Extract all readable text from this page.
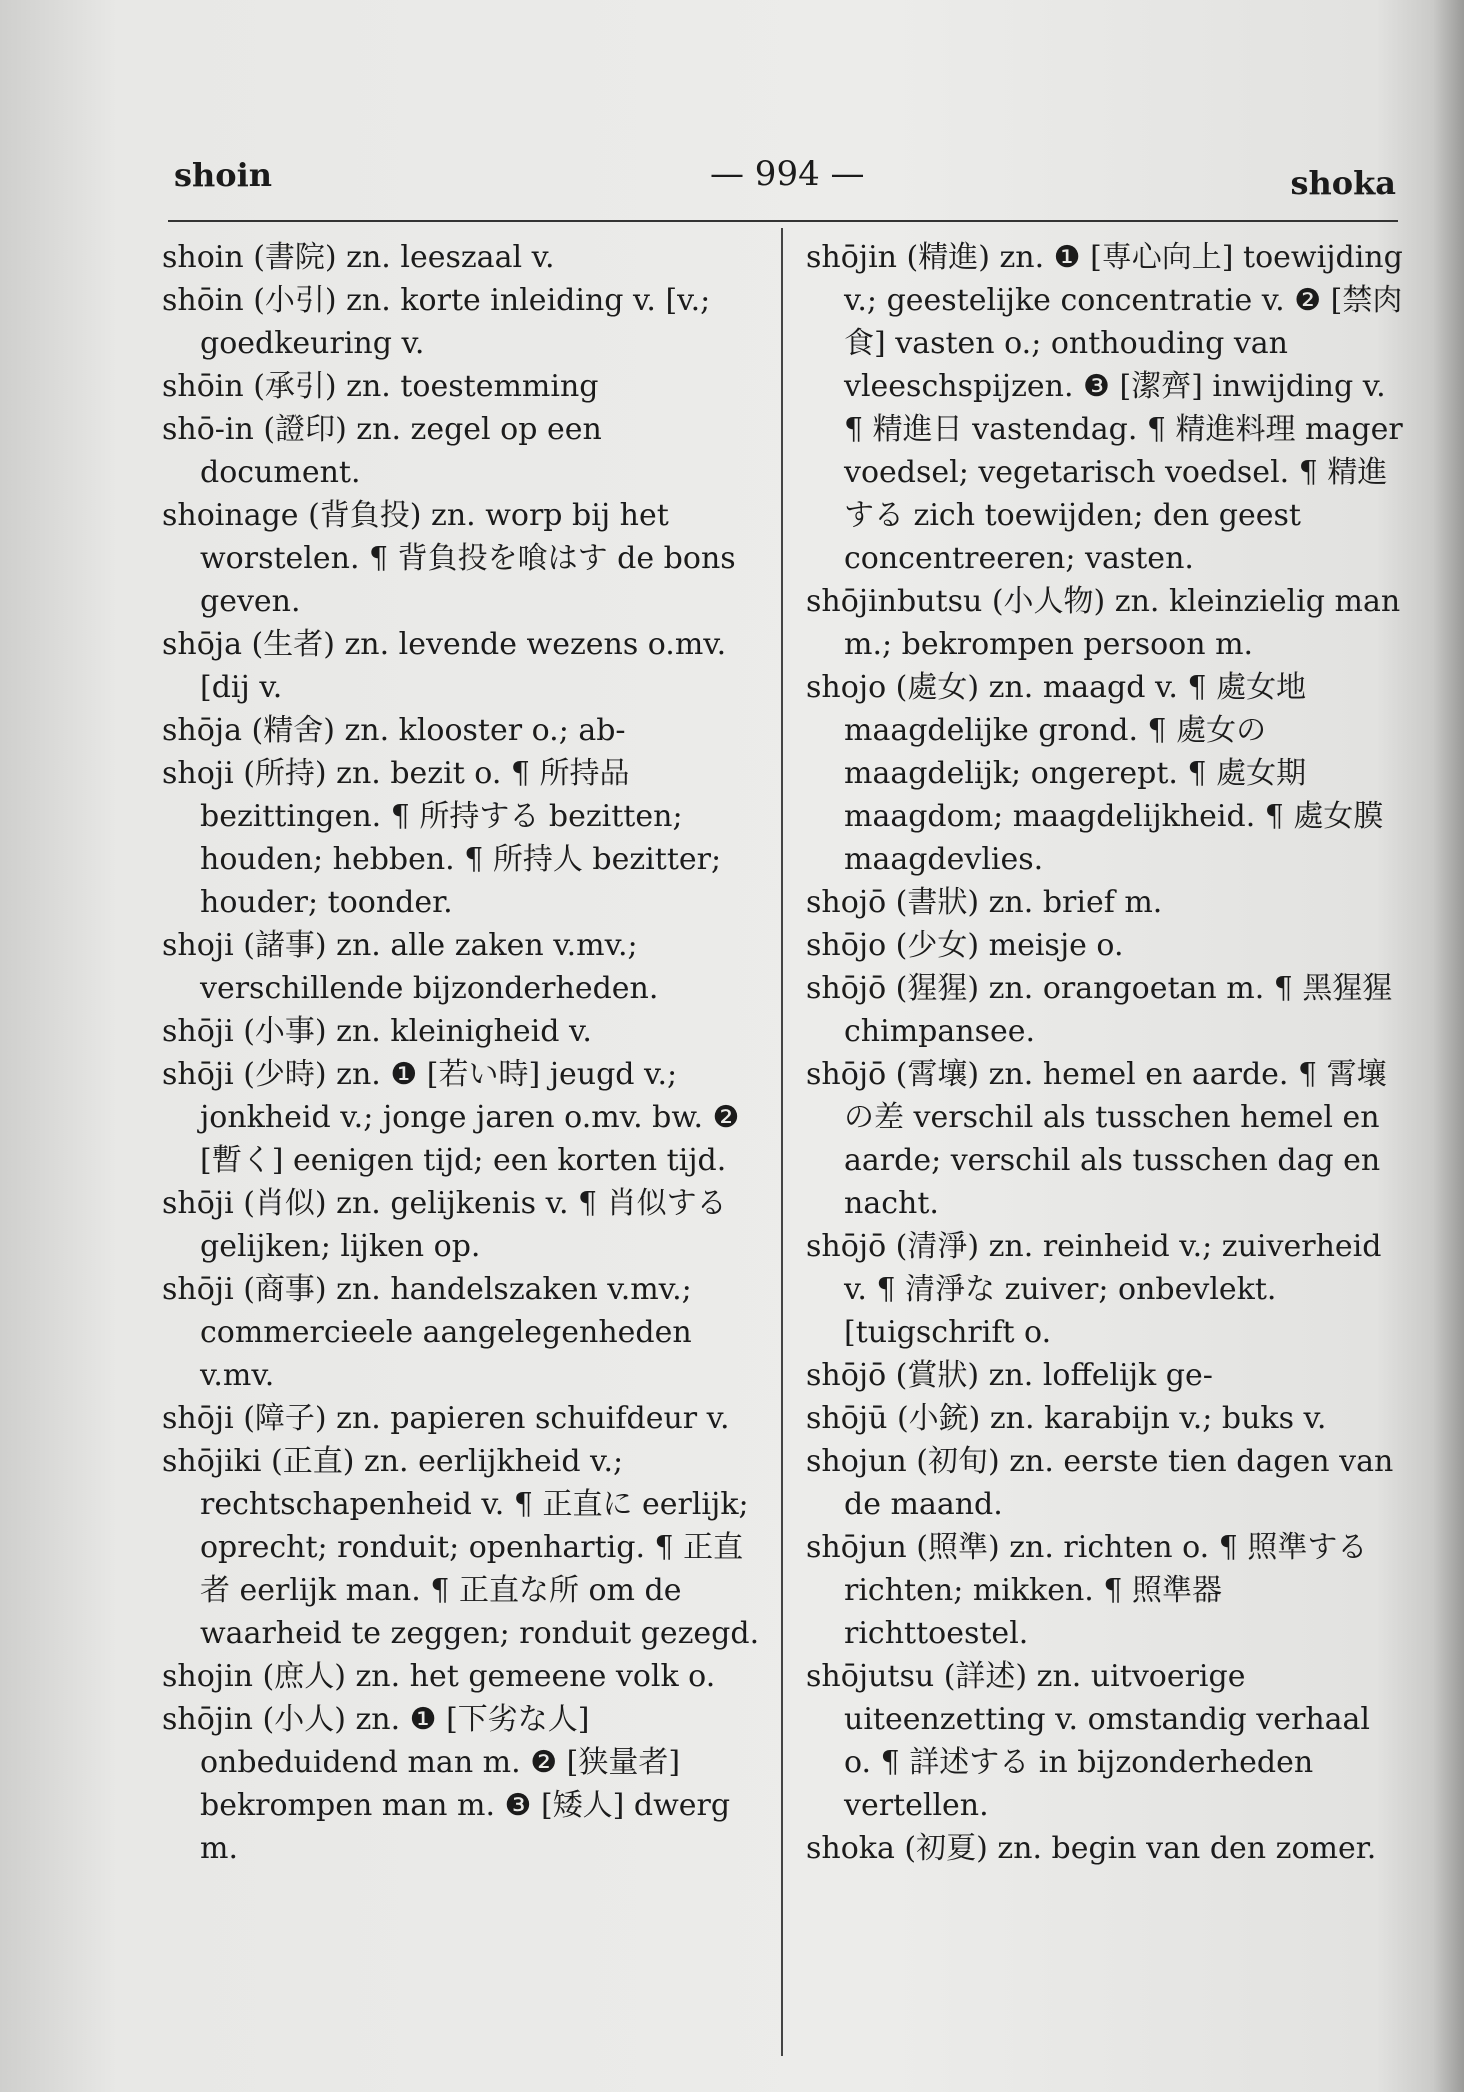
shoin	— 994 —	shoka

shoin (書院) zn. leeszaal v.

shōin (小引) zn. korte inleiding v. [v.; goedkeuring v.

shōin (承引) zn. toestemming

shō-in (證印) zn. zegel op een document.

shoinage (背負投) zn. worp bij het worstelen. ¶ 背負投を喰はす de bons geven.

shōja (生者) zn. levende wezens o.mv. [dij v.

shōja (精舍) zn. klooster o.; ab-

shoji (所持) zn. bezit o. ¶ 所持品 bezittingen. ¶ 所持する bezitten; houden; hebben. ¶ 所持人 bezitter; houder; toonder.

shoji (諸事) zn. alle zaken v.mv.; verschillende bijzonderheden.

shōji (小事) zn. kleinigheid v.

shōji (少時) zn. ❶ [若い時] jeugd v.; jonkheid v.; jonge jaren o.mv. bw. ❷ [暫く] eenigen tijd; een korten tijd.

shōji (肖似) zn. gelijkenis v. ¶ 肖似する gelijken; lijken op.

shōji (商事) zn. handelszaken v.mv.; commercieele aangelegenheden v.mv.

shōji (障子) zn. papieren schuifdeur v.

shōjiki (正直) zn. eerlijkheid v.; rechtschapenheid v. ¶ 正直に eerlijk; oprecht; ronduit; openhartig. ¶ 正直者 eerlijk man. ¶ 正直な所 om de waarheid te zeggen; ronduit gezegd.

shojin (庶人) zn. het gemeene volk o.

shōjin (小人) zn. ❶ [下劣な人] onbeduidend man m. ❷ [狭量者] bekrompen man m. ❸ [矮人] dwerg m.

shōjin (精進) zn. ❶ [専心向上] toewijding v.; geestelijke concentratie v. ❷ [禁肉食] vasten o.; onthouding van vleeschspijzen. ❸ [潔齊] inwijding v. ¶ 精進日 vastendag. ¶ 精進料理 mager voedsel; vegetarisch voedsel. ¶ 精進する zich toewijden; den geest concentreeren; vasten.

shōjinbutsu (小人物) zn. kleinzielig man m.; bekrompen persoon m.

shojo (處女) zn. maagd v. ¶ 處女地 maagdelijke grond. ¶ 處女の maagdelijk; ongerept. ¶ 處女期 maagdom; maagdelijkheid. ¶ 處女膜 maagdevlies.

shojō (書狀) zn. brief m.

shōjo (少女) meisje o.

shōjō (猩猩) zn. orangoetan m. ¶ 黑猩猩 chimpansee.

shōjō (霄壤) zn. hemel en aarde. ¶ 霄壤の差 verschil als tusschen hemel en aarde; verschil als tusschen dag en nacht.

shōjō (清淨) zn. reinheid v.; zuiverheid v. ¶ 清淨な zuiver; onbevlekt. [tuigschrift o.

shōjō (賞狀) zn. loffelijk ge-

shōjū (小銃) zn. karabijn v.; buks v.

shojun (初旬) zn. eerste tien dagen van de maand.

shōjun (照準) zn. richten o. ¶ 照準する richten; mikken. ¶ 照準器 richttoestel.

shōjutsu (詳述) zn. uitvoerige uiteenzetting v. omstandig verhaal o. ¶ 詳述する in bijzonderheden vertellen.

shoka (初夏) zn. begin van den zomer.
